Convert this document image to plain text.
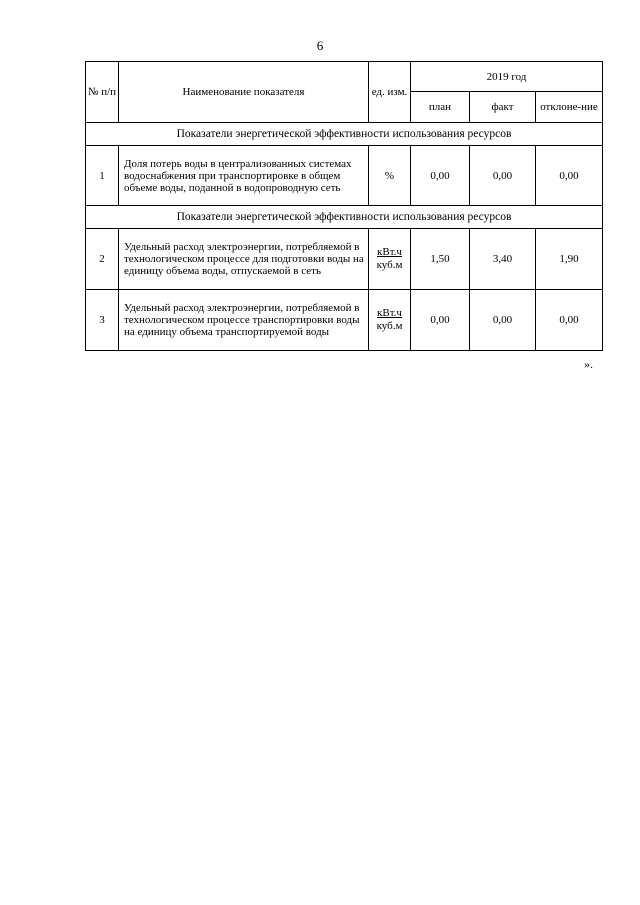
6
№ п/п	Наименование показателя	ед. изм.	2019 год		
			план	факт	отклоне-ние
Показатели энергетической эффективности использования ресурсов					
1	Доля потерь воды в централизованных системах водоснабжения при транспортировке в общем объеме воды, поданной в водопроводную сеть	%	0,00	0,00	0,00
Показатели энергетической эффективности использования ресурсов					
2	Удельный расход электроэнергии, потребляемой в технологическом процессе для подготовки воды на единицу объема воды, отпускаемой в сеть	кВт.ч
куб.м	1,50	3,40	1,90
3	Удельный расход электроэнергии, потребляемой в технологическом процессе транспортировки воды на единицу объема транспортируемой воды	кВт.ч
куб.м	0,00	0,00	0,00
».
